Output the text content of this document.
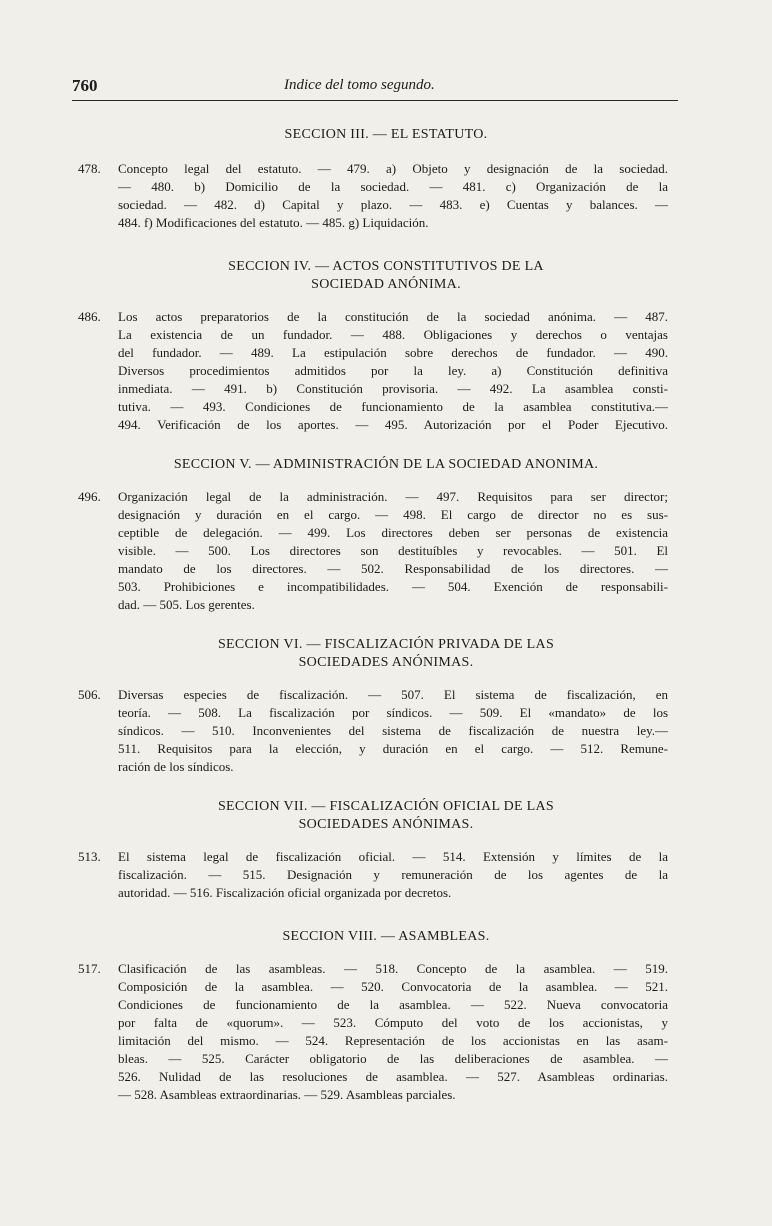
760	Indice del tomo segundo.
SECCION III. — EL ESTATUTO.
478. Concepto legal del estatuto. — 479. a) Objeto y designación de la sociedad.
— 480. b) Domicilio de la sociedad. — 481. c) Organización de la
sociedad. — 482. d) Capital y plazo. — 483. e) Cuentas y balances. —
484. f) Modificaciones del estatuto. — 485. g) Liquidación.
SECCION IV. — ACTOS CONSTITUTIVOS DE LA
SOCIEDAD ANÓNIMA.
486. Los actos preparatorios de la constitución de la sociedad anónima. — 487.
La existencia de un fundador. — 488. Obligaciones y derechos o ventajas
del fundador. — 489. La estipulación sobre derechos de fundador. — 490.
Diversos procedimientos admitidos por la ley. a) Constitución definitiva
inmediata. — 491. b) Constitución provisoria. — 492. La asamblea consti-
tutiva. — 493. Condiciones de funcionamiento de la asamblea constitutiva.—
494. Verificación de los aportes. — 495. Autorización por el Poder Ejecutivo.
SECCION V. — ADMINISTRACIÓN DE LA SOCIEDAD ANONIMA.
496. Organización legal de la administración. — 497. Requisitos para ser director;
designación y duración en el cargo. — 498. El cargo de director no es sus-
ceptible de delegación. — 499. Los directores deben ser personas de existencia
visible. — 500. Los directores son destituíbles y revocables. — 501. El
mandato de los directores. — 502. Responsabilidad de los directores. —
503. Prohibiciones e incompatibilidades. — 504. Exención de responsabili-
dad. — 505. Los gerentes.
SECCION VI. — FISCALIZACIÓN PRIVADA DE LAS
SOCIEDADES ANÓNIMAS.
506. Diversas especies de fiscalización. — 507. El sistema de fiscalización, en
teoría. — 508. La fiscalización por síndicos. — 509. El «mandato» de los
síndicos. — 510. Inconvenientes del sistema de fiscalización de nuestra ley.—
511. Requisitos para la elección, y duración en el cargo. — 512. Remune-
ración de los síndicos.
SECCION VII. — FISCALIZACIÓN OFICIAL DE LAS
SOCIEDADES ANÓNIMAS.
513. El sistema legal de fiscalización oficial. — 514. Extensión y límites de la
fiscalización. — 515. Designación y remuneración de los agentes de la
autoridad. — 516. Fiscalización oficial organizada por decretos.
SECCION VIII. — ASAMBLEAS.
517. Clasificación de las asambleas. — 518. Concepto de la asamblea. — 519.
Composición de la asamblea. — 520. Convocatoria de la asamblea. — 521.
Condiciones de funcionamiento de la asamblea. — 522. Nueva convocatoria
por falta de «quorum». — 523. Cómputo del voto de los accionistas, y
limitación del mismo. — 524. Representación de los accionistas en las asam-
bleas. — 525. Carácter obligatorio de las deliberaciones de asamblea. —
526. Nulidad de las resoluciones de asamblea. — 527. Asambleas ordinarias.
— 528. Asambleas extraordinarias. — 529. Asambleas parciales.
